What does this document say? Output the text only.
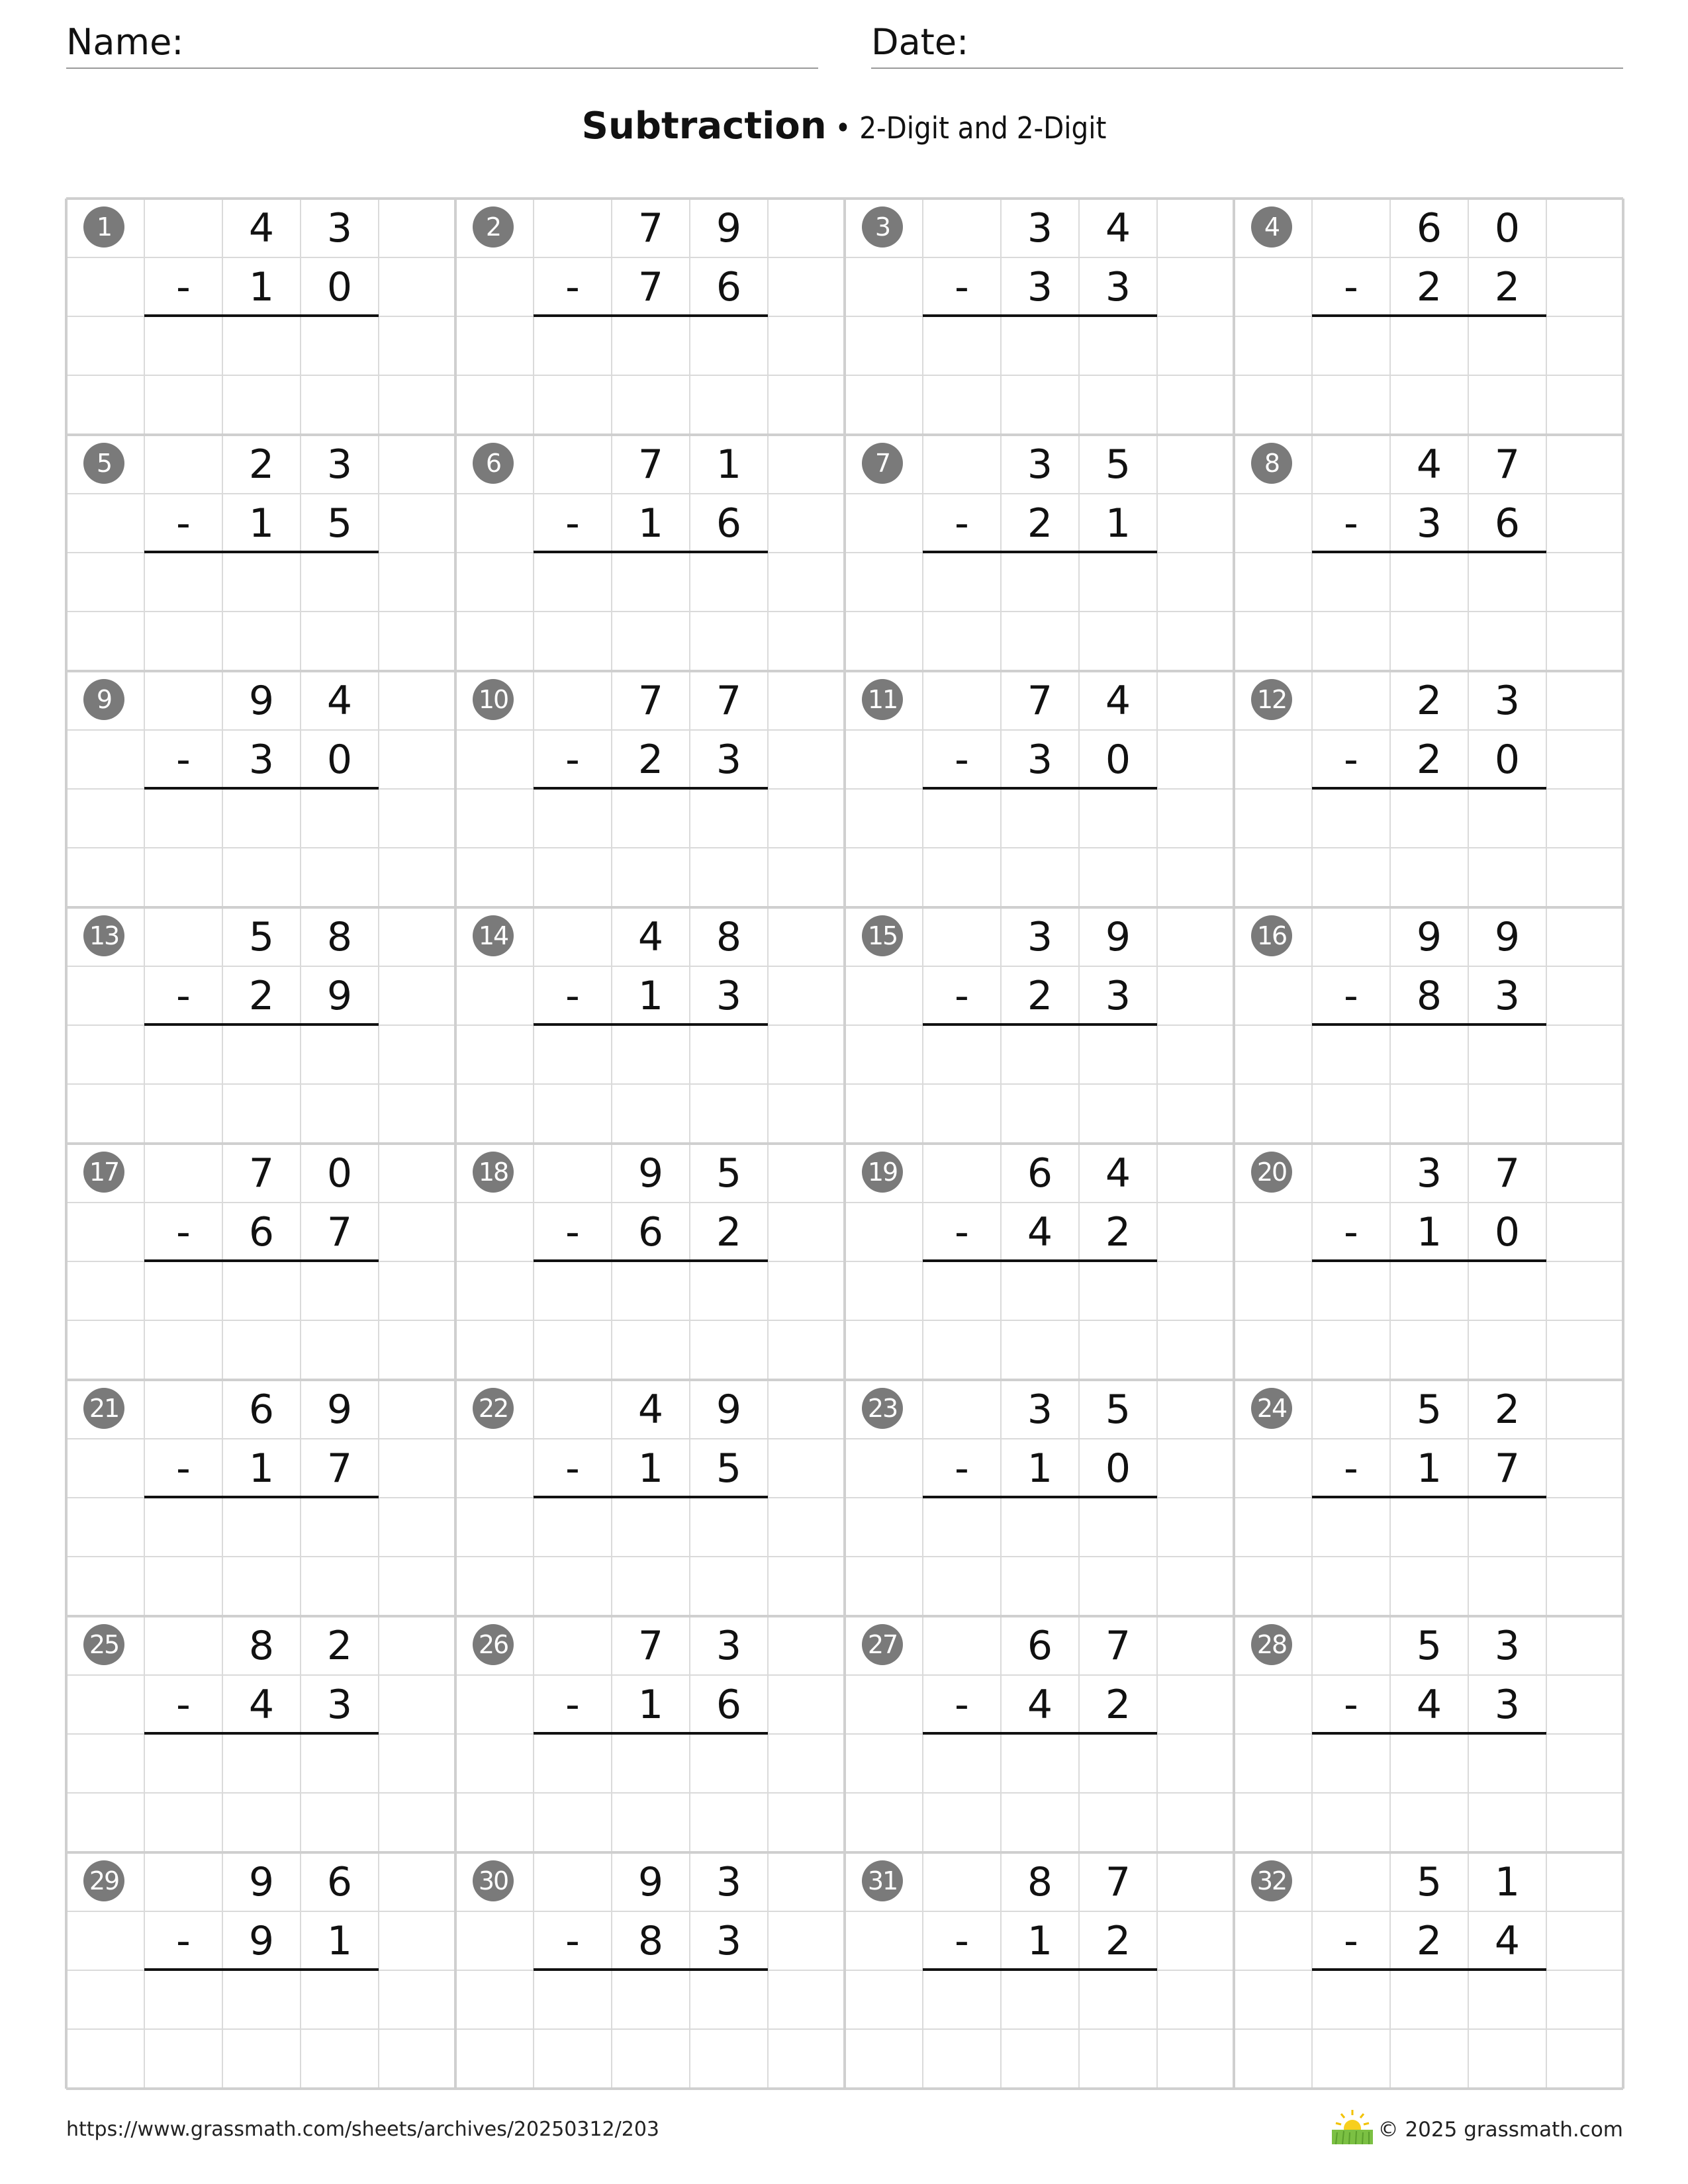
Name:	Date:
Subtraction • 2-Digit and 2-Digit
1	4	3
-	1	0
2	7	9
-	7	6
3	3	4
-	3	3
4	6	0
-	2	2
5	2	3
-	1	5
6	7	1
-	1	6
7	3	5
-	2	1
8	4	7
-	3	6
9	9	4
-	3	0
10	7	7
-	2	3
11	7	4
-	3	0
12	2	3
-	2	0
13	5	8
-	2	9
14	4	8
-	1	3
15	3	9
-	2	3
16	9	9
-	8	3
17	7	0
-	6	7
18	9	5
-	6	2
19	6	4
-	4	2
20	3	7
-	1	0
21	6	9
-	1	7
22	4	9
-	1	5
23	3	5
-	1	0
24	5	2
-	1	7
25	8	2
-	4	3
26	7	3
-	1	6
27	6	7
-	4	2
28	5	3
-	4	3
29	9	6
-	9	1
30	9	3
-	8	3
31	8	7
-	1	2
32	5	1
-	2	4
https://www.grassmath.com/sheets/archives/20250312/203	© 2025 grassmath.com
